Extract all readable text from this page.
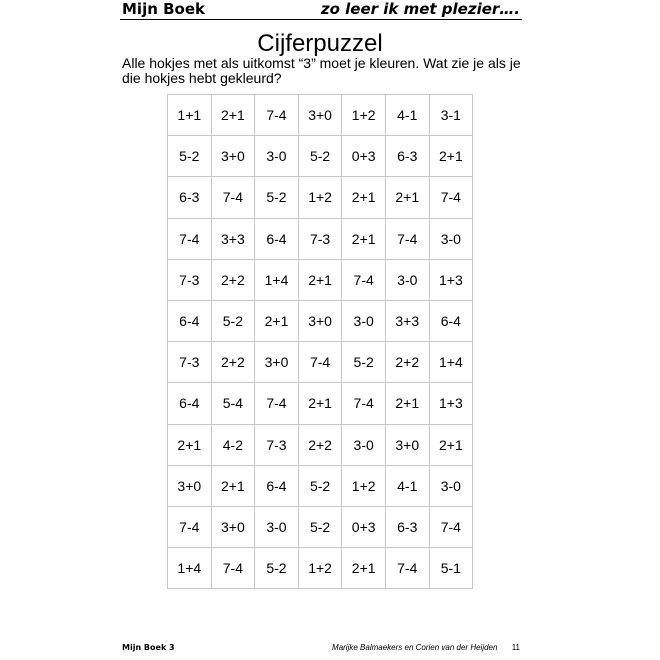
Mijn Boek	zo leer ik met plezier….
Cijferpuzzel
Alle hokjes met als uitkomst “3” moet je kleuren. Wat zie je als je die hokjes hebt gekleurd?
1+1	2+1	7-4	3+0	1+2	4-1	3-1
5-2	3+0	3-0	5-2	0+3	6-3	2+1
6-3	7-4	5-2	1+2	2+1	2+1	7-4
7-4	3+3	6-4	7-3	2+1	7-4	3-0
7-3	2+2	1+4	2+1	7-4	3-0	1+3
6-4	5-2	2+1	3+0	3-0	3+3	6-4
7-3	2+2	3+0	7-4	5-2	2+2	1+4
6-4	5-4	7-4	2+1	7-4	2+1	1+3
2+1	4-2	7-3	2+2	3-0	3+0	2+1
3+0	2+1	6-4	5-2	1+2	4-1	3-0
7-4	3+0	3-0	5-2	0+3	6-3	7-4
1+4	7-4	5-2	1+2	2+1	7-4	5-1
Mijn Boek 3	Marijke Balmaekers en Corien van der Heijden 11
